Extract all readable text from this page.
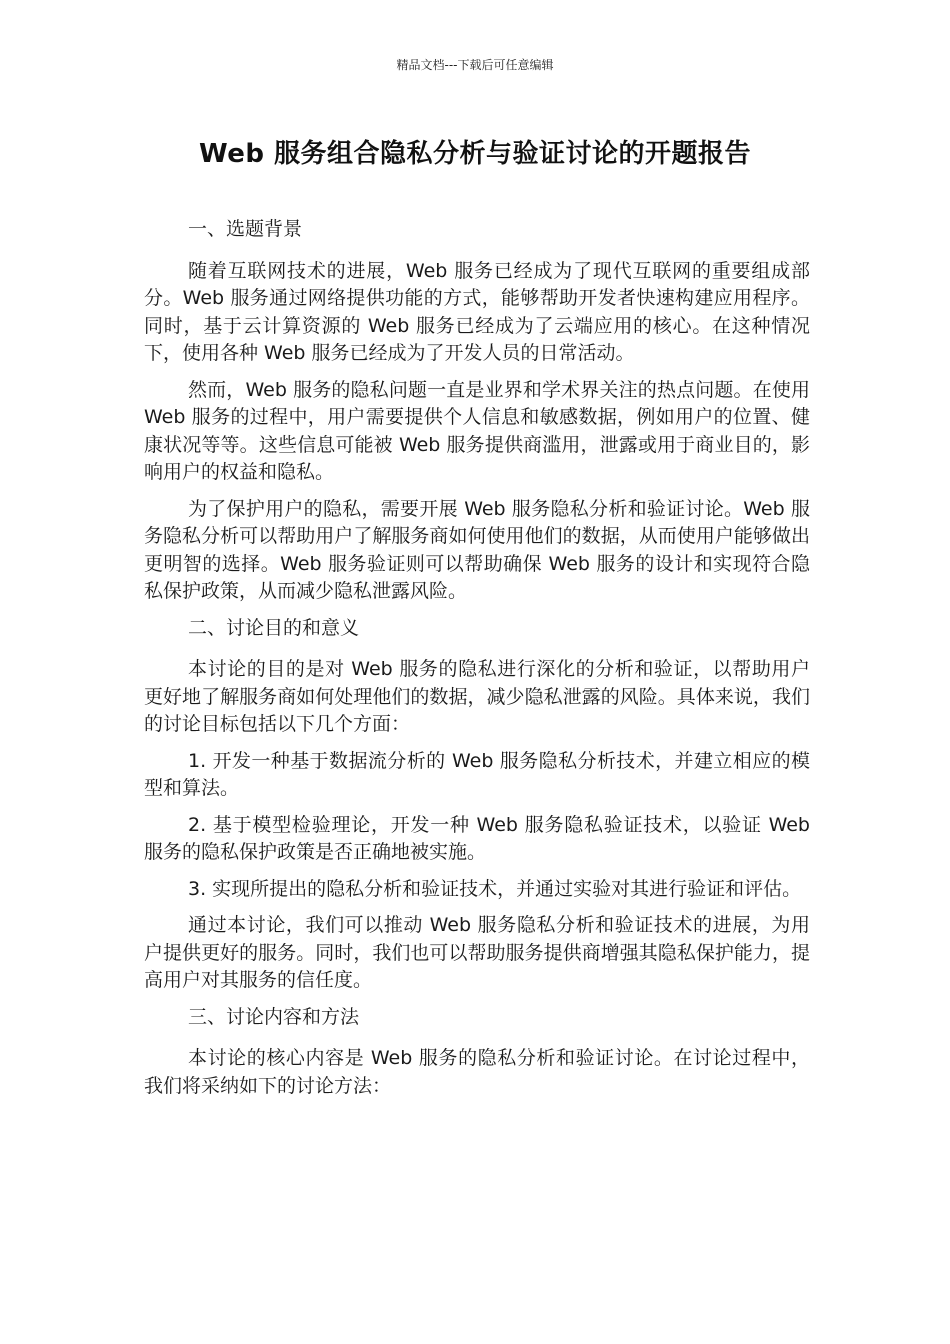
精品文档---下载后可任意编辑
Web 服务组合隐私分析与验证讨论的开题报告

一、选题背景

随着互联网技术的进展，Web 服务已经成为了现代互联网的重要组成部分。Web 服务通过网络提供功能的方式，能够帮助开发者快速构建应用程序。同时，基于云计算资源的 Web 服务已经成为了云端应用的核心。在这种情况下，使用各种 Web 服务已经成为了开发人员的日常活动。

然而，Web 服务的隐私问题一直是业界和学术界关注的热点问题。在使用 Web 服务的过程中，用户需要提供个人信息和敏感数据，例如用户的位置、健康状况等等。这些信息可能被 Web 服务提供商滥用，泄露或用于商业目的，影响用户的权益和隐私。

为了保护用户的隐私，需要开展 Web 服务隐私分析和验证讨论。Web 服务隐私分析可以帮助用户了解服务商如何使用他们的数据，从而使用户能够做出更明智的选择。Web 服务验证则可以帮助确保 Web 服务的设计和实现符合隐私保护政策，从而减少隐私泄露风险。

二、讨论目的和意义

本讨论的目的是对 Web 服务的隐私进行深化的分析和验证，以帮助用户更好地了解服务商如何处理他们的数据，减少隐私泄露的风险。具体来说，我们的讨论目标包括以下几个方面：

1. 开发一种基于数据流分析的 Web 服务隐私分析技术，并建立相应的模型和算法。

2. 基于模型检验理论，开发一种 Web 服务隐私验证技术，以验证 Web 服务的隐私保护政策是否正确地被实施。

3. 实现所提出的隐私分析和验证技术，并通过实验对其进行验证和评估。

通过本讨论，我们可以推动 Web 服务隐私分析和验证技术的进展，为用户提供更好的服务。同时，我们也可以帮助服务提供商增强其隐私保护能力，提高用户对其服务的信任度。

三、讨论内容和方法

本讨论的核心内容是 Web 服务的隐私分析和验证讨论。在讨论过程中，我们将采纳如下的讨论方法：
